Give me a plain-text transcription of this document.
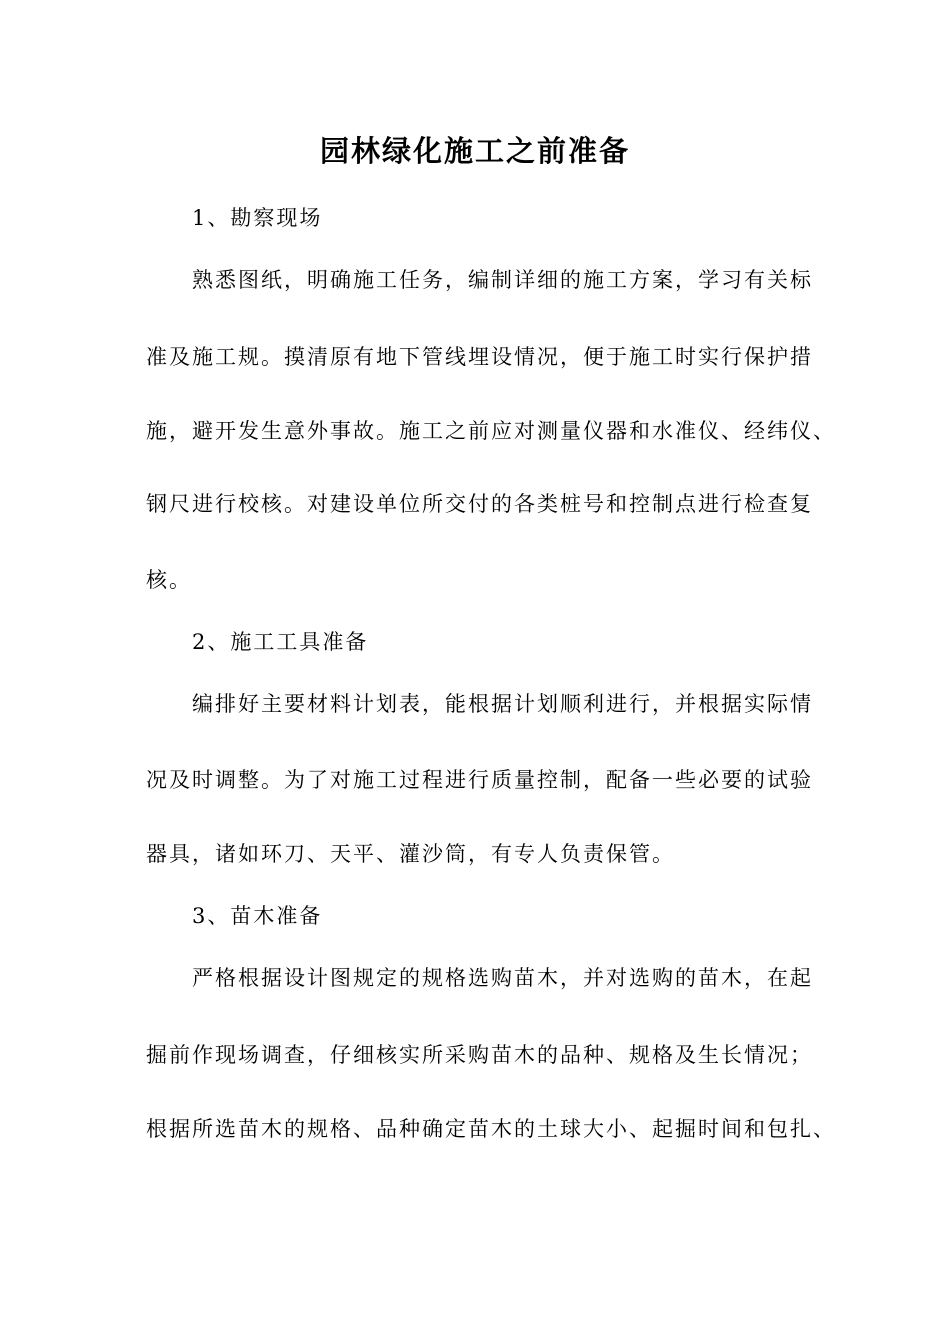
园林绿化施工之前准备
1、勘察现场
熟悉图纸，明确施工任务，编制详细的施工方案，学习有关标
准及施工规。摸清原有地下管线埋设情况，便于施工时实行保护措
施，避开发生意外事故。施工之前应对测量仪器和水准仪、经纬仪、
钢尺进行校核。对建设单位所交付的各类桩号和控制点进行检查复
核。
2、施工工具准备
编排好主要材料计划表，能根据计划顺利进行，并根据实际情
况及时调整。为了对施工过程进行质量控制，配备一些必要的试验
器具，诸如环刀、天平、灌沙筒，有专人负责保管。
3、苗木准备
严格根据设计图规定的规格选购苗木，并对选购的苗木，在起
掘前作现场调查，仔细核实所采购苗木的品种、规格及生长情况；
根据所选苗木的规格、品种确定苗木的土球大小、起掘时间和包扎、
